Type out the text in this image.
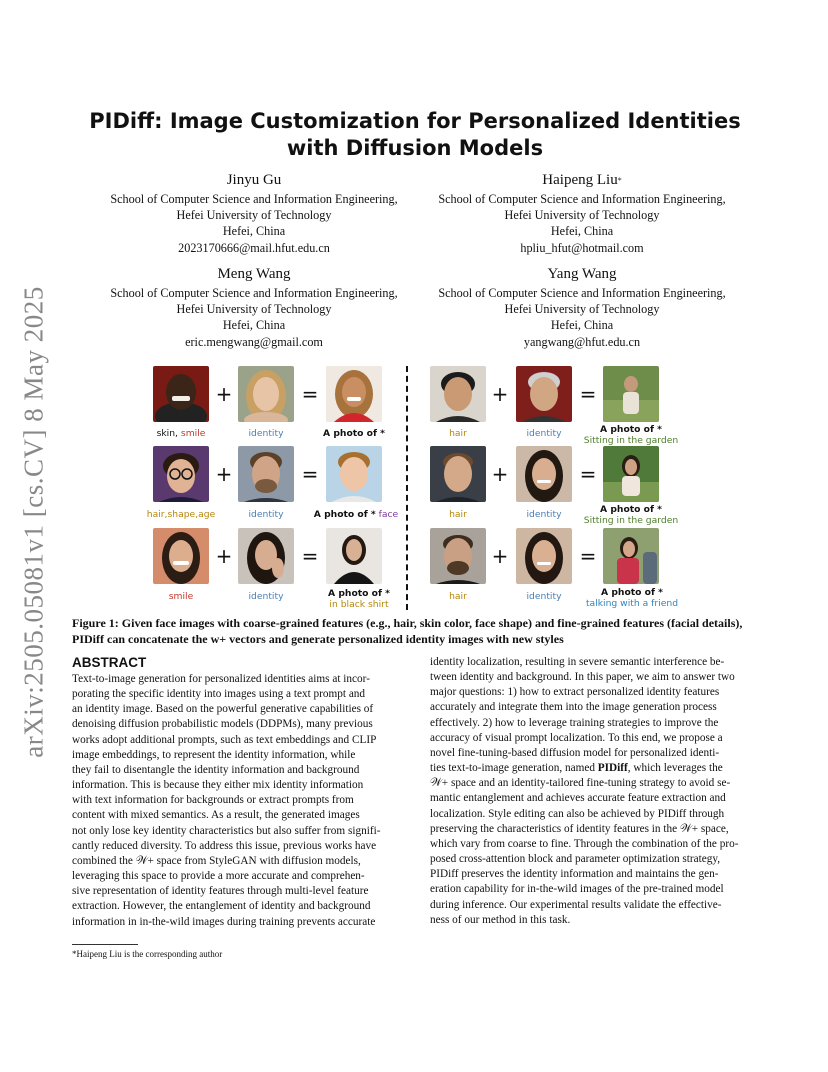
arXiv:2505.05081v1 [cs.CV] 8 May 2025
PIDiff: Image Customization for Personalized Identities with Diffusion Models
Jinyu Gu
School of Computer Science and Information Engineering,
Hefei University of Technology
Hefei, China
2023170666@mail.hfut.edu.cn
Haipeng Liu*
School of Computer Science and Information Engineering,
Hefei University of Technology
Hefei, China
hpliu_hfut@hotmail.com
Meng Wang
School of Computer Science and Information Engineering,
Hefei University of Technology
Hefei, China
eric.mengwang@gmail.com
Yang Wang
School of Computer Science and Information Engineering,
Hefei University of Technology
Hefei, China
yangwang@hfut.edu.cn
+	=
skin, smile	identity	A photo of *
+	=
hair	identity	A photo of *
Sitting in the garden
+	=
hair,shape,age	identity	A photo of * face
+	=
hair	identity	A photo of *
Sitting in the garden
+	=
smile	identity	A photo of *
in black shirt
+	=
hair	identity	A photo of *
talking with a friend
Figure 1: Given face images with coarse-grained features (e.g., hair, skin color, face shape) and fine-grained features (facial details), PIDiff can concatenate the w+ vectors and generate personalized identity images with new styles
ABSTRACT
Text-to-image generation for personalized identities aims at incor-
porating the specific identity into images using a text prompt and
an identity image. Based on the powerful generative capabilities of
denoising diffusion probabilistic models (DDPMs), many previous
works adopt additional prompts, such as text embeddings and CLIP
image embeddings, to represent the identity information, while
they fail to disentangle the identity information and background
information. This is because they either mix identity information
with text information for backgrounds or extract prompts from
content with mixed semantics. As a result, the generated images
not only lose key identity characteristics but also suffer from signifi-
cantly reduced diversity. To address this issue, previous works have
combined the 𝒲+ space from StyleGAN with diffusion models,
leveraging this space to provide a more accurate and comprehen-
sive representation of identity features through multi-level feature
extraction. However, the entanglement of identity and background
information in in-the-wild images during training prevents accurate
identity localization, resulting in severe semantic interference be-
tween identity and background. In this paper, we aim to answer two
major questions: 1) how to extract personalized identity features
accurately and integrate them into the image generation process
effectively. 2) how to leverage training strategies to improve the
accuracy of visual prompt localization. To this end, we propose a
novel fine-tuning-based diffusion model for personalized identi-
ties text-to-image generation, named PIDiff, which leverages the
𝒲+ space and an identity-tailored fine-tuning strategy to avoid se-
mantic entanglement and achieves accurate feature extraction and
localization. Style editing can also be achieved by PIDiff through
preserving the characteristics of identity features in the 𝒲+ space,
which vary from coarse to fine. Through the combination of the pro-
posed cross-attention block and parameter optimization strategy,
PIDiff preserves the identity information and maintains the gen-
eration capability for in-the-wild images of the pre-trained model
during inference. Our experimental results validate the effective-
ness of our method in this task.
*Haipeng Liu is the corresponding author
